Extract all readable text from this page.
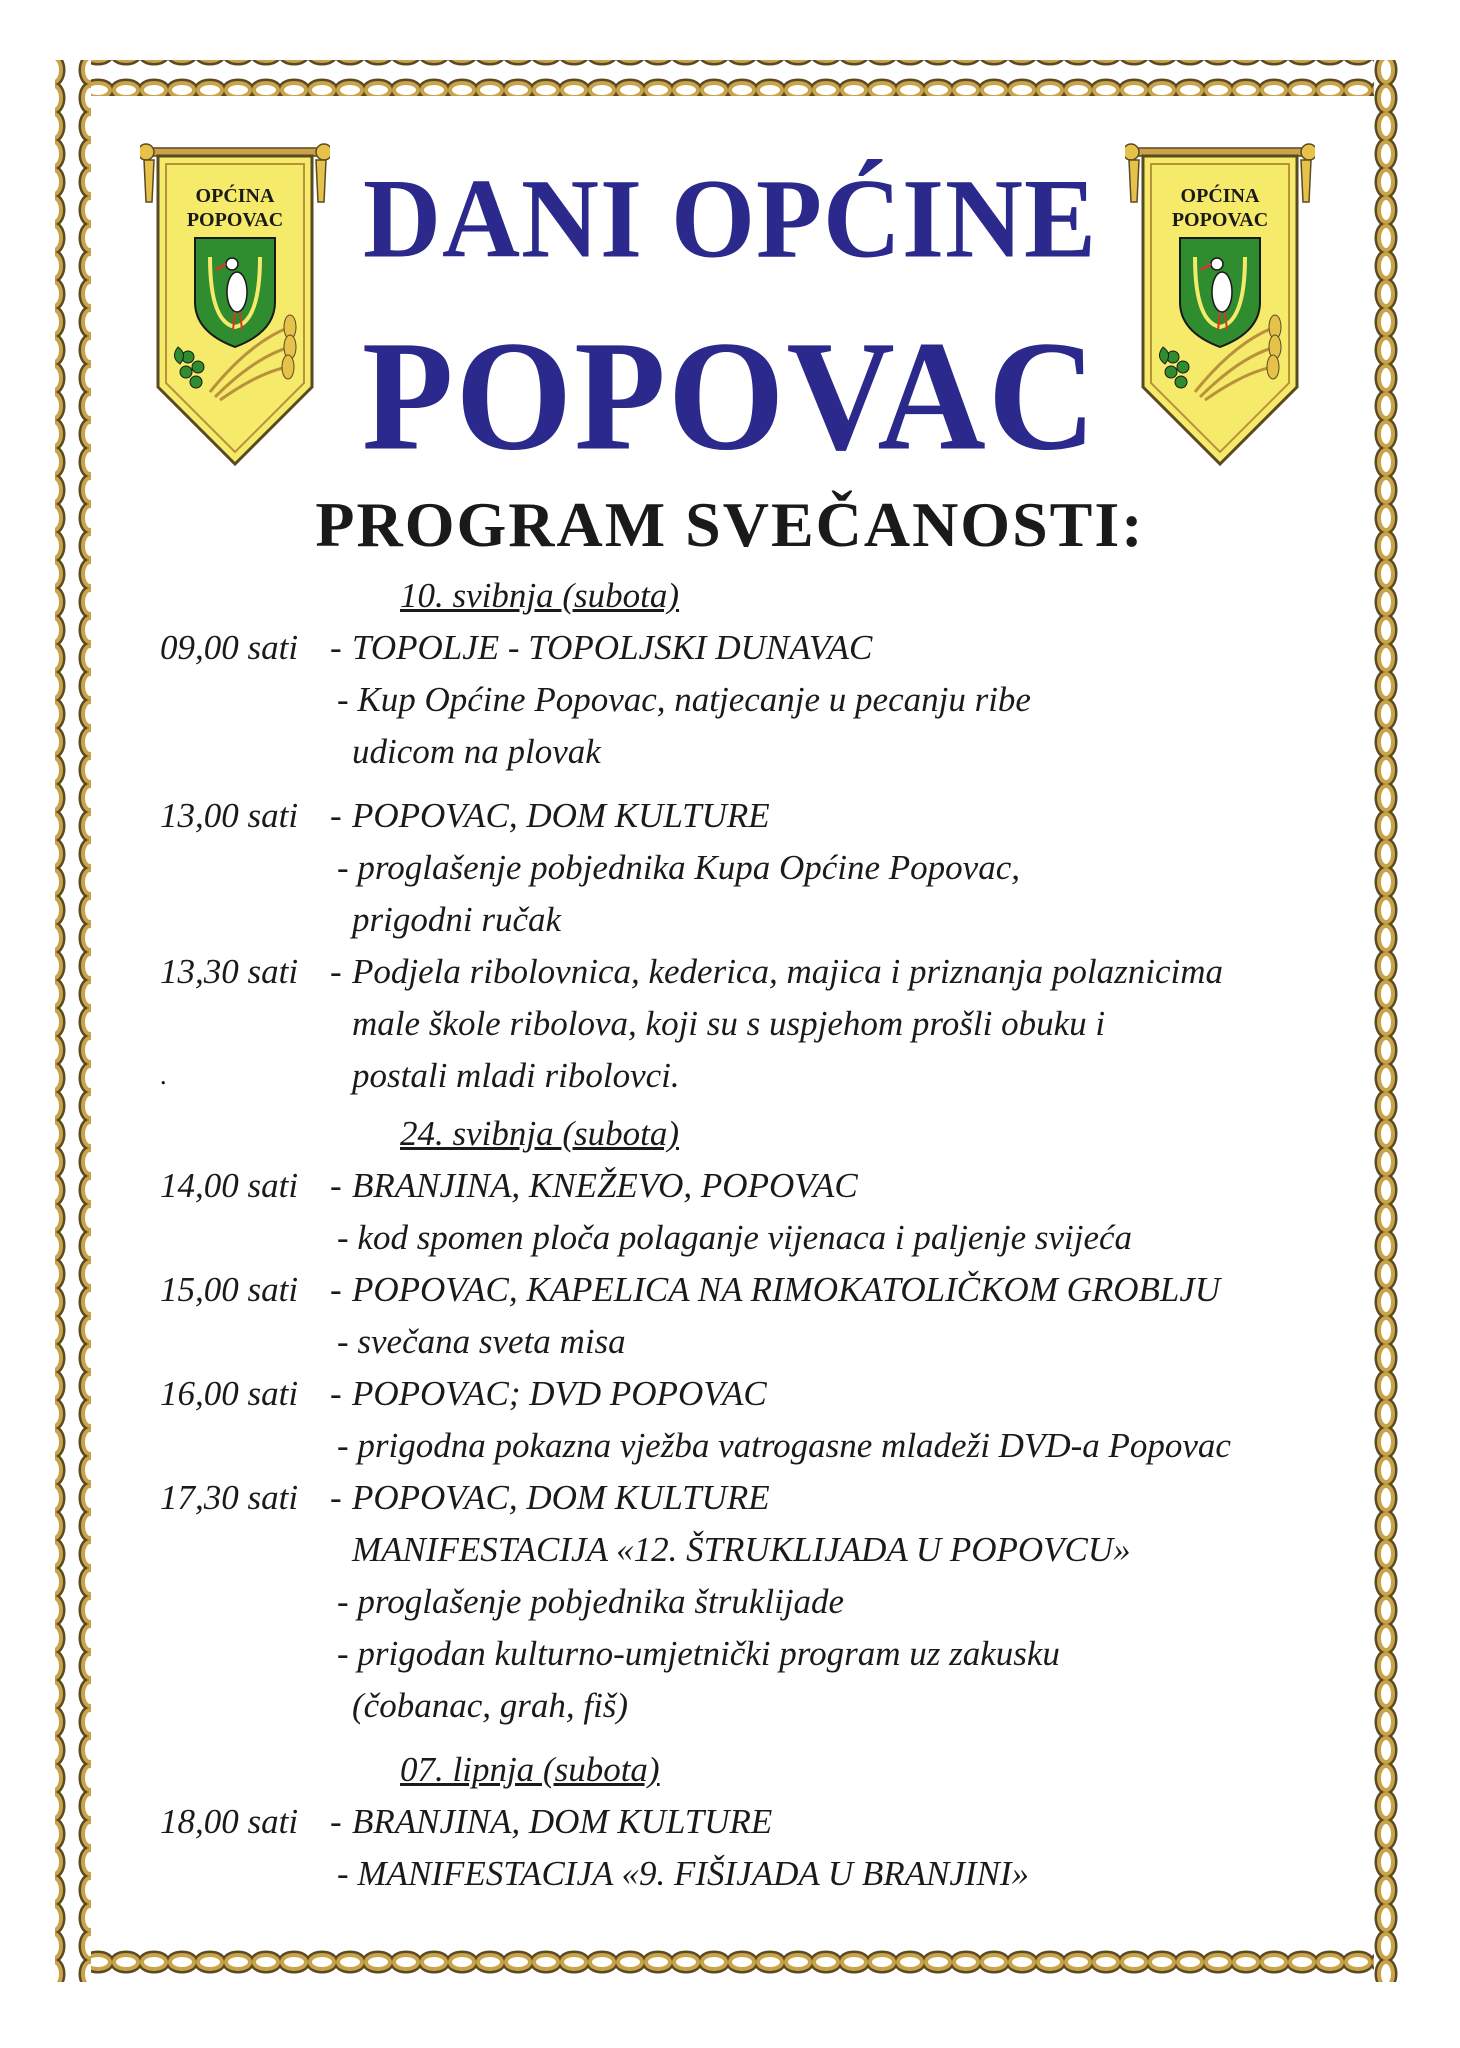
OPĆINA
POPOVAC
OPĆINA
POPOVAC
DANI OPĆINE
POPOVAC
PROGRAM SVEČANOSTI:
.
10. svibnja (subota)
09,00 sati - TOPOLJE - TOPOLJSKI DUNAVAC
- Kup Općine Popovac, natjecanje u pecanju ribe
udicom na plovak
13,00 sati - POPOVAC, DOM KULTURE
- proglašenje pobjednika Kupa Općine Popovac,
prigodni ručak
13,30 sati - Podjela ribolovnica, kederica, majica i priznanja polaznicima
male škole ribolova, koji su s uspjehom prošli obuku i
postali mladi ribolovci.
24. svibnja (subota)
14,00 sati - BRANJINA, KNEŽEVO, POPOVAC
- kod spomen ploča polaganje vijenaca i paljenje svijeća
15,00 sati - POPOVAC, KAPELICA NA RIMOKATOLIČKOM GROBLJU
- svečana sveta misa
16,00 sati - POPOVAC; DVD POPOVAC
- prigodna pokazna vježba vatrogasne mladeži DVD-a Popovac
17,30 sati - POPOVAC, DOM KULTURE
MANIFESTACIJA «12. ŠTRUKLIJADA U POPOVCU»
- proglašenje pobjednika štruklijade
- prigodan kulturno-umjetnički program uz zakusku
(čobanac, grah, fiš)
07. lipnja (subota)
18,00 sati - BRANJINA, DOM KULTURE
- MANIFESTACIJA «9. FIŠIJADA U BRANJINI»
